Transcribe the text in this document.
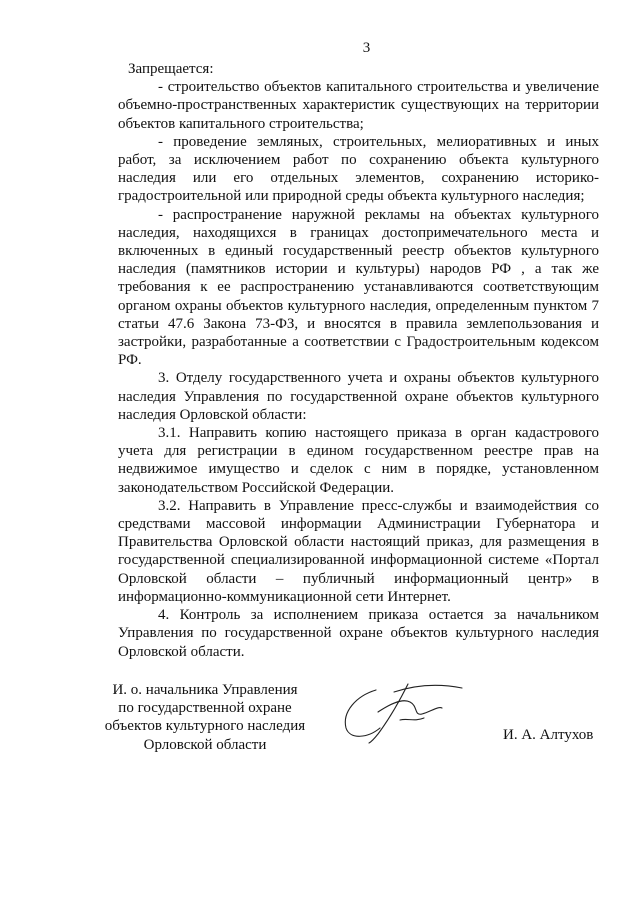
3

Запрещается:

- строительство объектов капитального строительства и увеличение объемно-пространственных характеристик существующих на территории объектов капитального строительства;

- проведение земляных, строительных, мелиоративных и иных работ, за исключением работ по сохранению объекта культурного наследия или его отдельных элементов, сохранению историко-градостроительной или природной среды объекта культурного наследия;

- распространение наружной рекламы на объектах культурного наследия, находящихся в границах достопримечательного места и включенных в единый государственный реестр объектов культурного наследия (памятников истории и культуры) народов РФ , а так же требования к ее распространению устанавливаются соответствующим органом охраны объектов культурного наследия, определенным пунктом 7 статьи 47.6 Закона 73-ФЗ, и вносятся в правила землепользования и застройки, разработанные а соответствии с Градостроительным кодексом РФ.

3. Отделу государственного учета и охраны объектов культурного наследия Управления по государственной охране объектов культурного наследия Орловской области:

3.1. Направить копию настоящего приказа в орган кадастрового учета для регистрации в едином государственном реестре прав на недвижимое имущество и сделок с ним в порядке, установленном законодательством Российской Федерации.

3.2. Направить в Управление пресс-службы и взаимодействия со средствами массовой информации Администрации Губернатора и Правительства Орловской области настоящий приказ, для размещения в государственной специализированной информационной системе «Портал Орловской области – публичный информационный центр» в информационно-коммуникационной сети Интернет.

4. Контроль за исполнением приказа остается за начальником Управления по государственной охране объектов культурного наследия Орловской области.

И. о. начальника Управления
по государственной охране
объектов культурного наследия
Орловской области
И. А. Алтухов
